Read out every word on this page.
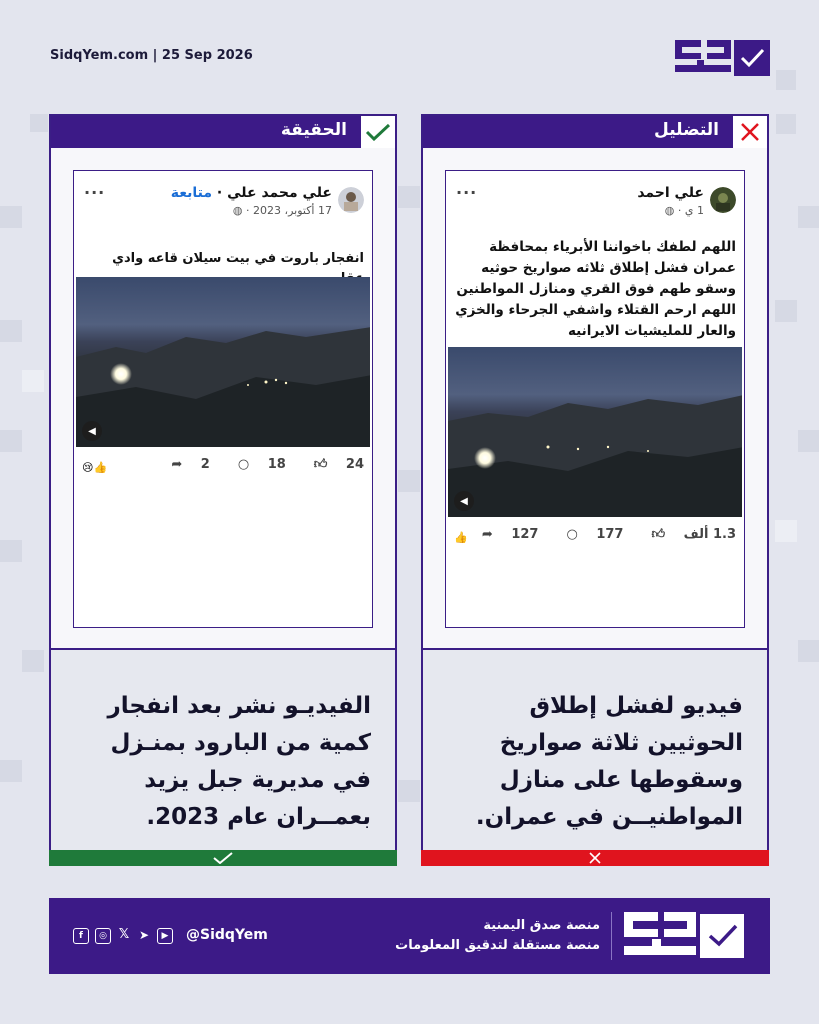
SidqYem.com | 25 Sep 2026
الحقيقة
علي محمد علي · متابعة
17 أكتوبر، 2023 · ◍
···
انفجار باروت في بيت سيلان قاعه وادي
◀
24 👍︎
18 ○
2 ➦
😢👍

الفيديـو نشر بعد انفجار كمية من البارود بمنـزل في مديرية جبل يزيد بعمــران عام 2023.

التضليل
علي احمد
1 ي · ◍
···
اللهم لطفك باخواننا الأبرياء بمحافظة عمران فشل إطلاق ثلاثه صواريخ حوثيه وسقو طهم فوق القري ومنازل المواطنين اللهم ارحم القتلاء واشفي الجرحاء والخزي والعار للمليشيات الايرانيه
◀
1.3 ألف 👍︎
177 ○
127 ➦
👍

فيديو لفشل إطلاق الحوثيين ثلاثة صواريخ وسقوطها على منازل المواطنيــن في عمران.

منصة صدق اليمنية
منصة مستقلة لتدقيق المعلومات
@SidqYem
f	◎ 𝕏 ➤	▶
